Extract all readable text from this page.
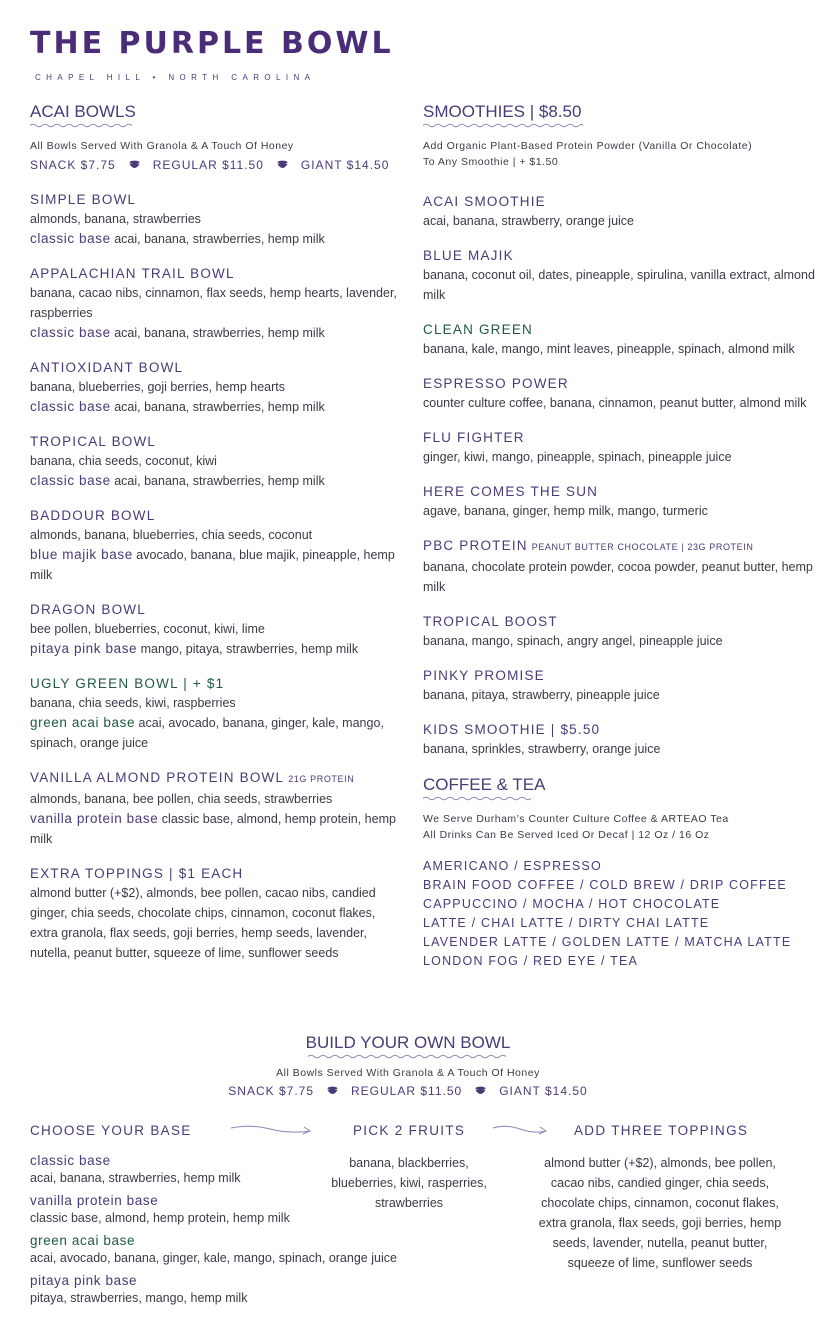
THE PURPLE BOWL
CHAPEL HILL • NORTH CAROLINA
ACAI BOWLS
All Bowls Served With Granola & A Touch Of Honey
SNACK $7.75	REGULAR $11.50	GIANT $14.50
SIMPLE BOWL
almonds, banana, strawberries
classic base acai, banana, strawberries, hemp milk
APPALACHIAN TRAIL BOWL
banana, cacao nibs, cinnamon, flax seeds, hemp hearts, lavender, raspberries
classic base acai, banana, strawberries, hemp milk
ANTIOXIDANT BOWL
banana, blueberries, goji berries, hemp hearts
classic base acai, banana, strawberries, hemp milk
TROPICAL BOWL
banana, chia seeds, coconut, kiwi
classic base acai, banana, strawberries, hemp milk
BADDOUR BOWL
almonds, banana, blueberries, chia seeds, coconut
blue majik base avocado, banana, blue majik, pineapple, hemp milk
DRAGON BOWL
bee pollen, blueberries, coconut, kiwi, lime
pitaya pink base mango, pitaya, strawberries, hemp milk
UGLY GREEN BOWL | + $1
banana, chia seeds, kiwi, raspberries
green acai base acai, avocado, banana, ginger, kale, mango, spinach, orange juice
VANILLA ALMOND PROTEIN BOWL 21G PROTEIN
almonds, banana, bee pollen, chia seeds, strawberries
vanilla protein base classic base, almond, hemp protein, hemp milk
EXTRA TOPPINGS | $1 EACH
almond butter (+$2), almonds, bee pollen, cacao nibs, candied ginger, chia seeds, chocolate chips, cinnamon, coconut flakes, extra granola, flax seeds, goji berries, hemp seeds, lavender, nutella, peanut butter, squeeze of lime, sunflower seeds
SMOOTHIES | $8.50
Add Organic Plant-Based Protein Powder (Vanilla Or Chocolate)
To Any Smoothie | + $1.50
ACAI SMOOTHIE
acai, banana, strawberry, orange juice
BLUE MAJIK
banana, coconut oil, dates, pineapple, spirulina, vanilla extract, almond milk
CLEAN GREEN
banana, kale, mango, mint leaves, pineapple, spinach, almond milk
ESPRESSO POWER
counter culture coffee, banana, cinnamon, peanut butter, almond milk
FLU FIGHTER
ginger, kiwi, mango, pineapple, spinach, pineapple juice
HERE COMES THE SUN
agave, banana, ginger, hemp milk, mango, turmeric
PBC PROTEIN PEANUT BUTTER CHOCOLATE | 23G PROTEIN
banana, chocolate protein powder, cocoa powder, peanut butter, hemp milk
TROPICAL BOOST
banana, mango, spinach, angry angel, pineapple juice
PINKY PROMISE
banana, pitaya, strawberry, pineapple juice
KIDS SMOOTHIE | $5.50
banana, sprinkles, strawberry, orange juice
COFFEE & TEA
We Serve Durham’s Counter Culture Coffee & ARTEAO Tea
All Drinks Can Be Served Iced Or Decaf | 12 Oz / 16 Oz
AMERICANO / ESPRESSO
BRAIN FOOD COFFEE / COLD BREW / DRIP COFFEE
CAPPUCCINO / MOCHA / HOT CHOCOLATE
LATTE / CHAI LATTE / DIRTY CHAI LATTE
LAVENDER LATTE / GOLDEN LATTE / MATCHA LATTE
LONDON FOG / RED EYE / TEA
BUILD YOUR OWN BOWL
All Bowls Served With Granola & A Touch Of Honey
SNACK $7.75	REGULAR $11.50	GIANT $14.50
CHOOSE YOUR BASE	PICK 2 FRUITS	ADD THREE TOPPINGS
classic base
acai, banana, strawberries, hemp milk
vanilla protein base
classic base, almond, hemp protein, hemp milk
green acai base
acai, avocado, banana, ginger, kale, mango, spinach, orange juice
pitaya pink base
pitaya, strawberries, mango, hemp milk
banana, blackberries, blueberries, kiwi, rasperries, strawberries
almond butter (+$2), almonds, bee pollen, cacao nibs, candied ginger, chia seeds, chocolate chips, cinnamon, coconut flakes, extra granola, flax seeds, goji berries, hemp seeds, lavender, nutella, peanut butter, squeeze of lime, sunflower seeds
